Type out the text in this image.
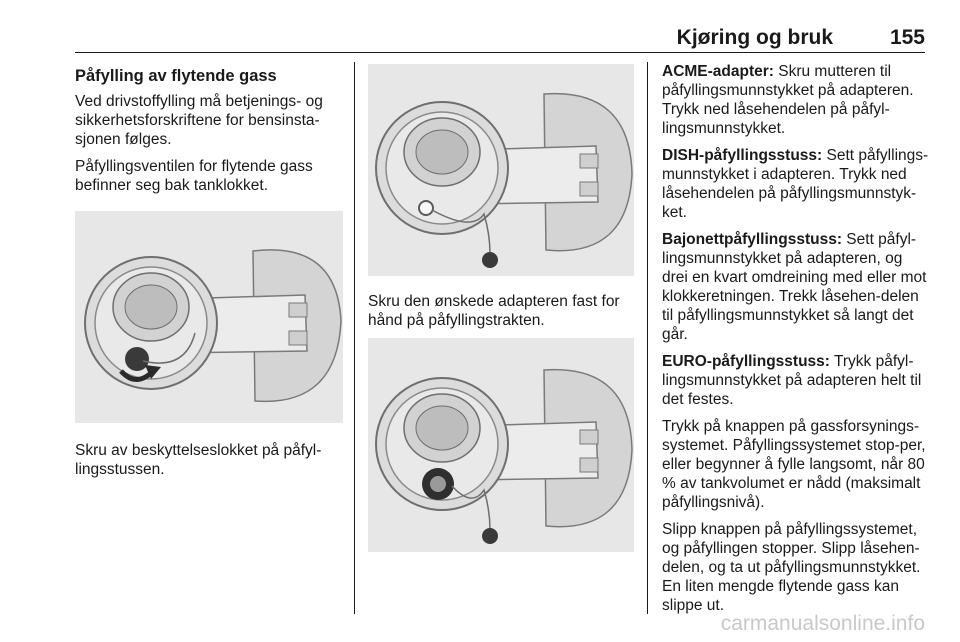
Kjøring og bruk	155
Påfylling av flytende gass

Ved drivstoffylling må betjenings- og sikkerhetsforskriftene for bensinsta-sjonen følges.

Påfyllingsventilen for flytende gass befinner seg bak tanklokket.

Skru av beskyttelseslokket på påfyl-lingsstussen.

Skru den ønskede adapteren fast for hånd på påfyllingstrakten.

ACME-adapter: Skru mutteren til påfyllingsmunnstykket på adapteren. Trykk ned låsehendelen på påfyl-lingsmunnstykket.

DISH-påfyllingsstuss: Sett påfyllings-munnstykket i adapteren. Trykk ned låsehendelen på påfyllingsmunnstyk-ket.

Bajonettpåfyllingsstuss: Sett påfyl-lingsmunnstykket på adapteren, og drei en kvart omdreining med eller mot klokkeretningen. Trekk låsehen-delen til påfyllingsmunnstykket så langt det går.

EURO-påfyllingsstuss: Trykk påfyl-lingsmunnstykket på adapteren helt til det festes.

Trykk på knappen på gassforsynings-systemet. Påfyllingssystemet stop-per, eller begynner å fylle langsomt, når 80 % av tankvolumet er nådd (maksimalt påfyllingsnivå).

Slipp knappen på påfyllingssystemet, og påfyllingen stopper. Slipp låsehen-delen, og ta ut påfyllingsmunnstykket. En liten mengde flytende gass kan slippe ut.

carmanualsonline.info
